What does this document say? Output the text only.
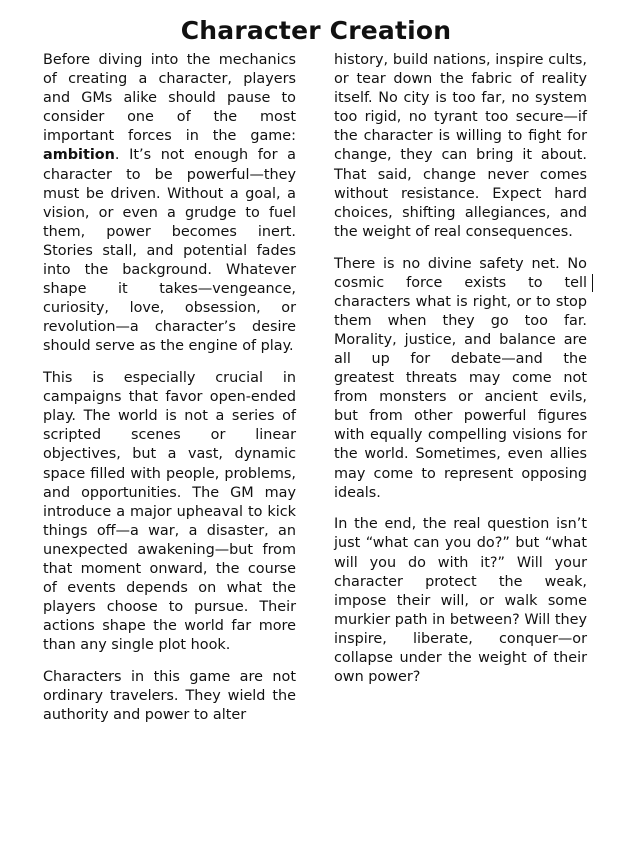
Character Creation

Before diving into the mechanics of creating a character, players and GMs alike should pause to consider one of the most important forces in the game: ambition. It’s not enough for a character to be powerful—they must be driven. Without a goal, a vision, or even a grudge to fuel them, power becomes inert. Stories stall, and potential fades into the background. Whatever shape it takes—vengeance, curiosity, love, obsession, or revolution—a character’s desire should serve as the engine of play.

This is especially crucial in campaigns that favor open-ended play. The world is not a series of scripted scenes or linear objectives, but a vast, dynamic space filled with people, problems, and opportunities. The GM may introduce a major upheaval to kick things off—a war, a disaster, an unexpected awakening—but from that moment onward, the course of events depends on what the players choose to pursue. Their actions shape the world far more than any single plot hook.

Characters in this game are not ordinary travelers. They wield the authority and power to alter

history, build nations, inspire cults, or tear down the fabric of reality itself. No city is too far, no system too rigid, no tyrant too secure—if the character is willing to fight for change, they can bring it about. That said, change never comes without resistance. Expect hard choices, shifting allegiances, and the weight of real consequences.

There is no divine safety net. No cosmic force exists to tell characters what is right, or to stop them when they go too far. Morality, justice, and balance are all up for debate—and the greatest threats may come not from monsters or ancient evils, but from other powerful figures with equally compelling visions for the world. Sometimes, even allies may come to represent opposing ideals.

In the end, the real question isn’t just “what can you do?” but “what will you do with it?” Will your character protect the weak, impose their will, or walk some murkier path in between? Will they inspire, liberate, conquer—or collapse under the weight of their own power?
